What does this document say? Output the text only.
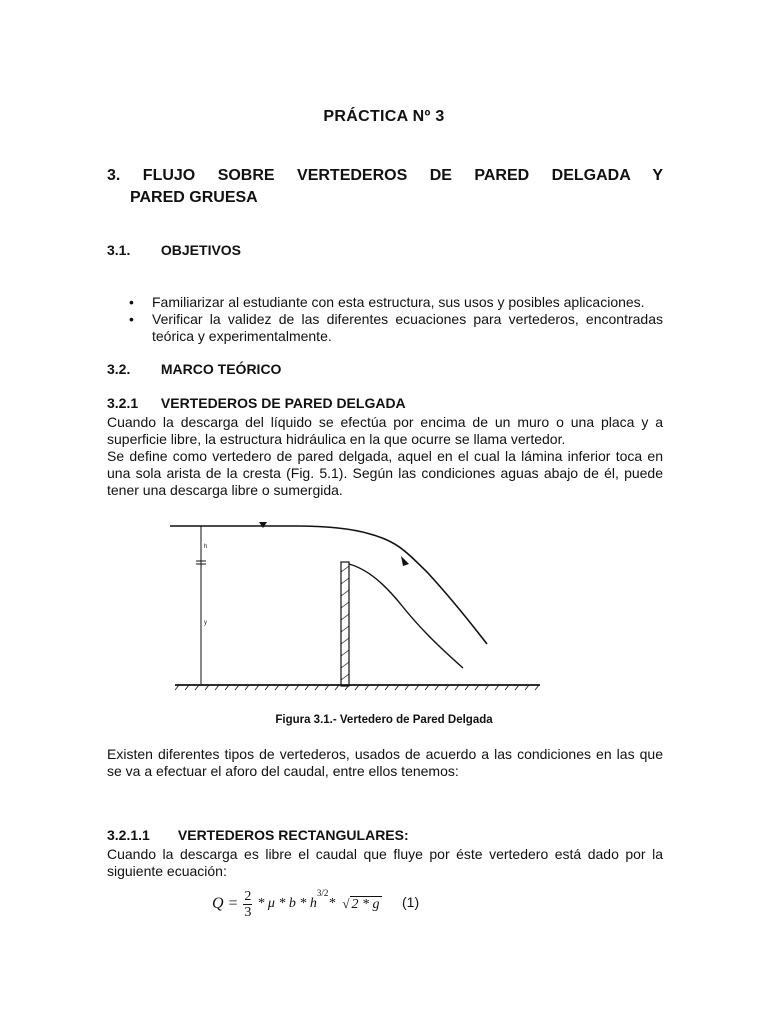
PRÁCTICA Nº 3
3. FLUJO SOBRE VERTEDEROS DE PARED DELGADA Y
PARED GRUESA
3.1. OBJETIVOS
• Familiarizar al estudiante con esta estructura, sus usos y posibles aplicaciones.
• Verificar la validez de las diferentes ecuaciones para vertederos, encontradas teórica y experimentalmente.
3.2. MARCO TEÓRICO
3.2.1 VERTEDEROS DE PARED DELGADA

Cuando la descarga del líquido se efectúa por encima de un muro o una placa y a superficie libre, la estructura hidráulica en la que ocurre se llama vertedor.

Se define como vertedero de pared delgada, aquel en el cual la lámina inferior toca en una sola arista de la cresta (Fig. 5.1). Según las condiciones aguas abajo de él, puede tener una descarga libre o sumergida.

h
y
Figura 3.1.- Vertedero de Pared Delgada
Existen diferentes tipos de vertederos, usados de acuerdo a las condiciones en las que se va a efectuar el aforo del caudal, entre ellos tenemos:
3.2.1.1 VERTEDEROS RECTANGULARES:
Cuando la descarga es libre el caudal que fluye por éste vertedero está dado por la siguiente ecuación:
$Q = \frac{2}{3} * \mu * b * h^{3/2}*$ √ 2 * g (1)
